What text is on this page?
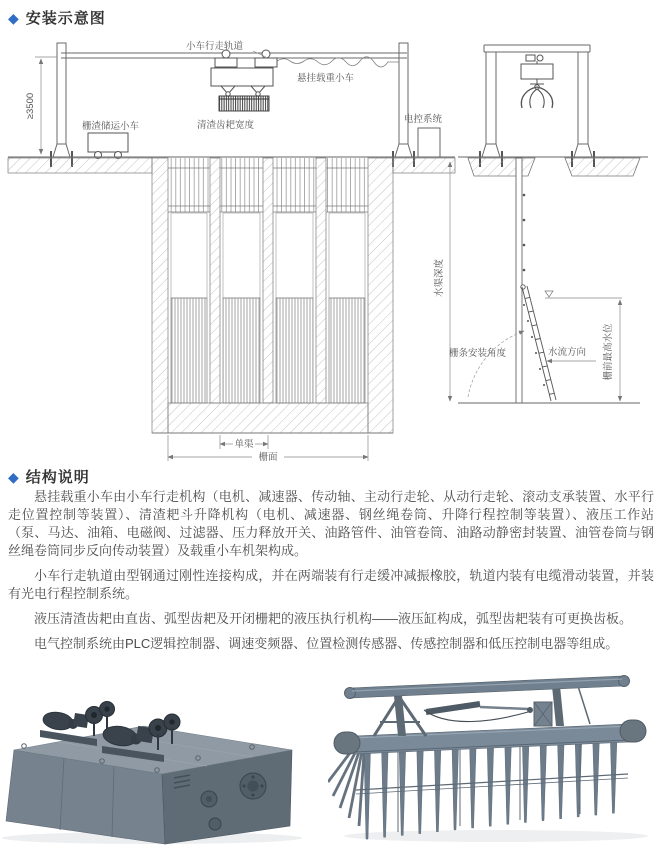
◆ 安装示意图
小车行走轨道
悬挂载重小车
清渣齿耙宽度
栅渣储运小车
电控系统
≥3500
水渠深度
栅条安装角度	水流方向 栅前最高水位
单渠
栅面
◆ 结构说明

悬挂载重小车由小车行走机构（电机、减速器、传动轴、主动行走轮、从动行走轮、滚动支承装置、水平行走位置控制等装置）、清渣耙斗升降机构（电机、减速器、钢丝绳卷筒、升降行程控制等装置）、液压工作站（泵、马达、油箱、电磁阀、过滤器、压力释放开关、油路管件、油管卷筒、油路动静密封装置、油管卷筒与钢丝绳卷筒同步反向传动装置）及载重小车机架构成。

小车行走轨道由型钢通过刚性连接构成，并在两端装有行走缓冲减振橡胶，轨道内装有电缆滑动装置，并装有光电行程控制系统。

液压清渣齿耙由直齿、弧型齿耙及开闭栅耙的液压执行机构——液压缸构成，弧型齿耙装有可更换齿板。

电气控制系统由PLC逻辑控制器、调速变频器、位置检测传感器、传感控制器和低压控制电器等组成。
